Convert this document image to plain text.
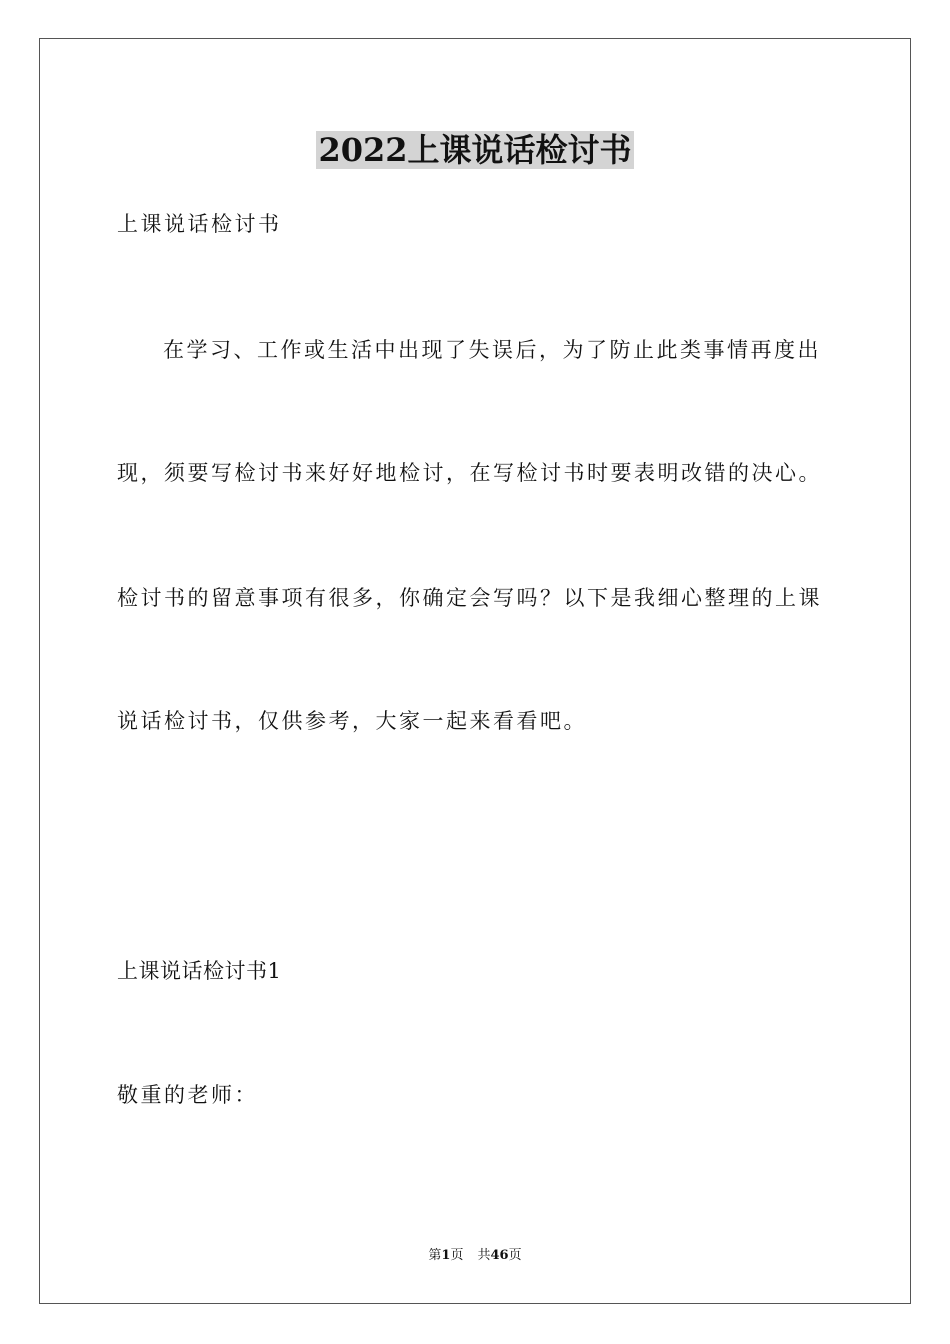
2022上课说话检讨书
上课说话检讨书
在学习、工作或生活中出现了失误后，为了防止此类事情再度出
现，须要写检讨书来好好地检讨，在写检讨书时要表明改错的决心。
检讨书的留意事项有很多，你确定会写吗？以下是我细心整理的上课
说话检讨书，仅供参考，大家一起来看看吧。
上课说话检讨书1
敬重的老师：
第1页 共46页
